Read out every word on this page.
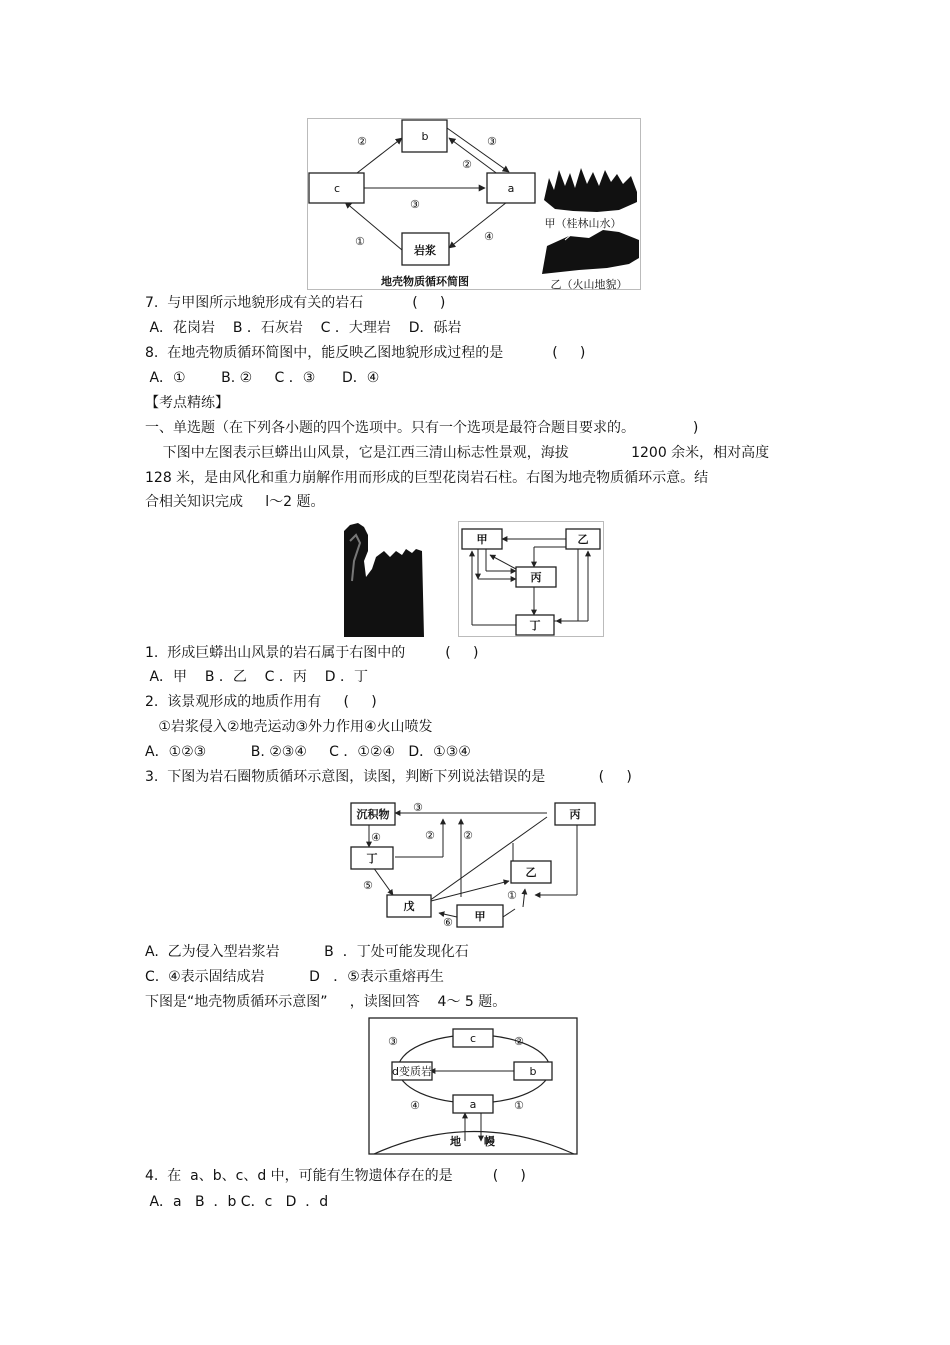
b
c	a
岩浆
②	③
②
③
①	④
地壳物质循环简图
甲（桂林山水）
乙（火山地貌）
7.  与甲图所示地貌形成有关的岩石           (     )
A．花岗岩    B ．石灰岩    C ．大理岩    D．砾岩
8.  在地壳物质循环简图中，能反映乙图地貌形成过程的是           (     )
A．①        B. ②     C ．③      D．④
【考点精练】
一、单选题（在下列各小题的四个选项中。只有一个选项是最符合题目要求的。             )
下图中左图表示巨蟒出山风景，它是江西三清山标志性景观，海拔              1200 余米，相对高度
128 米，是由风化和重力崩解作用而形成的巨型花岗岩石柱。右图为地壳物质循环示意。结
合相关知识完成     l～2 题。
甲	乙
丙
丁
1.  形成巨蟒出山风景的岩石属于右图中的         (     )
A．甲    B ．乙    C ．丙    D ．丁
2.  该景观形成的地质作用有     (     )
①岩浆侵入②地壳运动③外力作用④火山喷发
A．①②③          B. ②③④     C ．①②④   D．①③④
3.  下图为岩石圈物质循环示意图，读图，判断下列说法错误的是            (     )
沉积物	丙
丁
乙
戊
甲
③
④	②	②
⑤
①
⑥
A.  乙为侵入型岩浆岩          B  ．丁处可能发现化石
C.  ④表示固结成岩          D   ．⑤表示重熔再生
下图是“地壳物质循环示意图”     ，读图回答    4～ 5 题。
c
d变质岩	b
a
③	②
④	①
地 幔
4.  在  a、b、c、d 中，可能有生物遗体存在的是         (     )
A．a   B  ．b C．c   D  ．d
